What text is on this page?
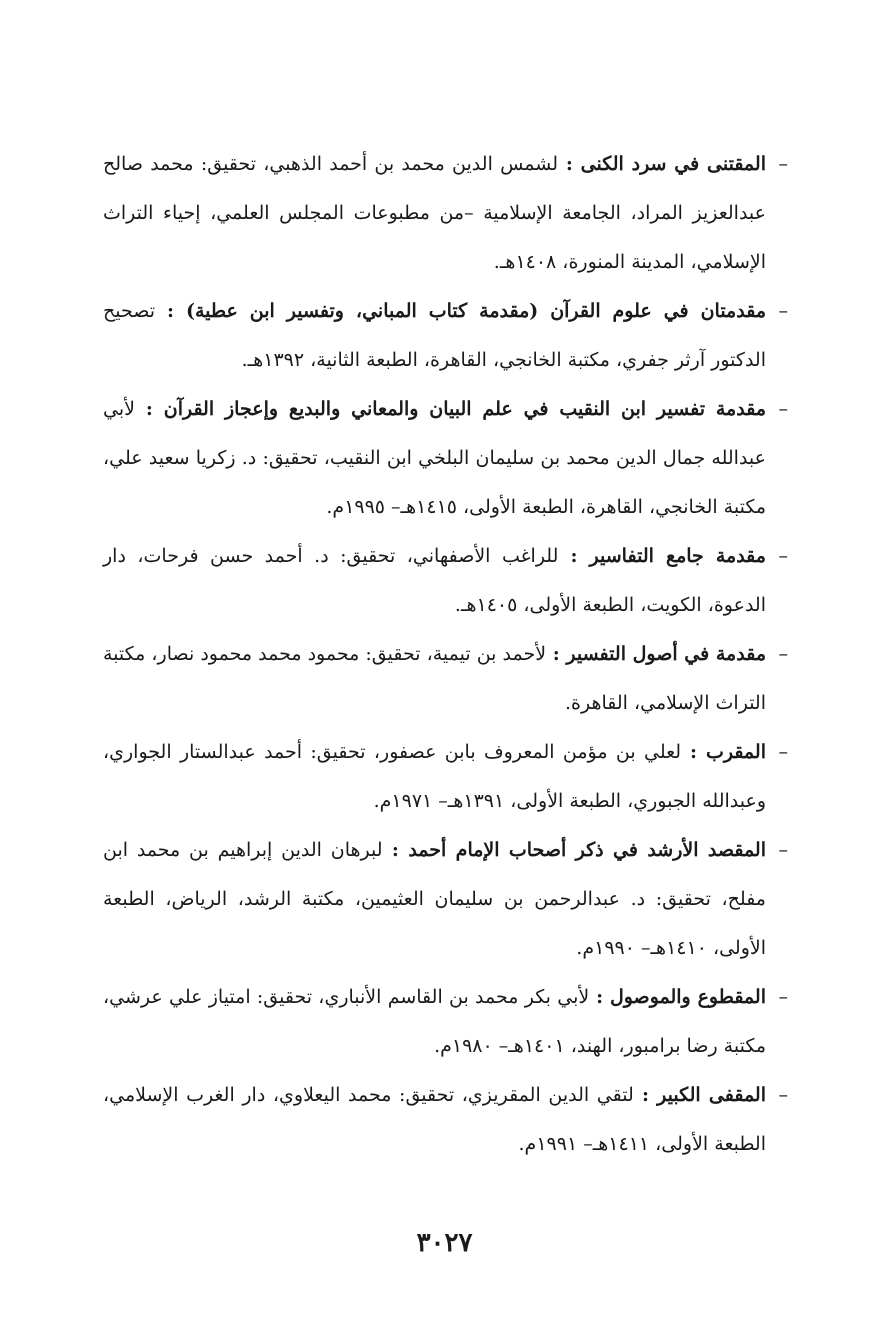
–
المقتنى في سرد الكنى : لشمس الدين محمد بن أحمد الذهبي، تحقيق: محمد صالح عبدالعزيز المراد، الجامعة الإسلامية –من مطبوعات المجلس العلمي، إحياء التراث الإسلامي، المدينة المنورة، ١٤٠٨هـ.

–
مقدمتان في علوم القرآن (مقدمة كتاب المباني، وتفسير ابن عطية) : تصحيح الدكتور آرثر جفري، مكتبة الخانجي، القاهرة، الطبعة الثانية، ١٣٩٢هـ.

–
مقدمة تفسير ابن النقيب في علم البيان والمعاني والبديع وإعجاز القرآن : لأبي عبدالله جمال الدين محمد بن سليمان البلخي ابن النقيب، تحقيق: د. زكريا سعيد علي، مكتبة الخانجي، القاهرة، الطبعة الأولى، ١٤١٥هـ– ١٩٩٥م.

–
مقدمة جامع التفاسير : للراغب الأصفهاني، تحقيق: د. أحمد حسن فرحات، دار الدعوة، الكويت، الطبعة الأولى، ١٤٠٥هـ.

–
مقدمة في أصول التفسير : لأحمد بن تيمية، تحقيق: محمود محمد محمود نصار، مكتبة التراث الإسلامي، القاهرة.

–
المقرب : لعلي بن مؤمن المعروف بابن عصفور، تحقيق: أحمد عبدالستار الجواري، وعبدالله الجبوري، الطبعة الأولى، ١٣٩١هـ– ١٩٧١م.

–
المقصد الأرشد في ذكر أصحاب الإمام أحمد : لبرهان الدين إبراهيم بن محمد ابن مفلح، تحقيق: د. عبدالرحمن بن سليمان العثيمين، مكتبة الرشد، الرياض، الطبعة الأولى، ١٤١٠هـ– ١٩٩٠م.

–
المقطوع والموصول : لأبي بكر محمد بن القاسم الأنباري، تحقيق: امتياز علي عرشي، مكتبة رضا برامبور، الهند، ١٤٠١هـ– ١٩٨٠م.

–
المقفى الكبير : لتقي الدين المقريزي، تحقيق: محمد اليعلاوي، دار الغرب الإسلامي، الطبعة الأولى، ١٤١١هـ– ١٩٩١م.

٣٠٢٧
